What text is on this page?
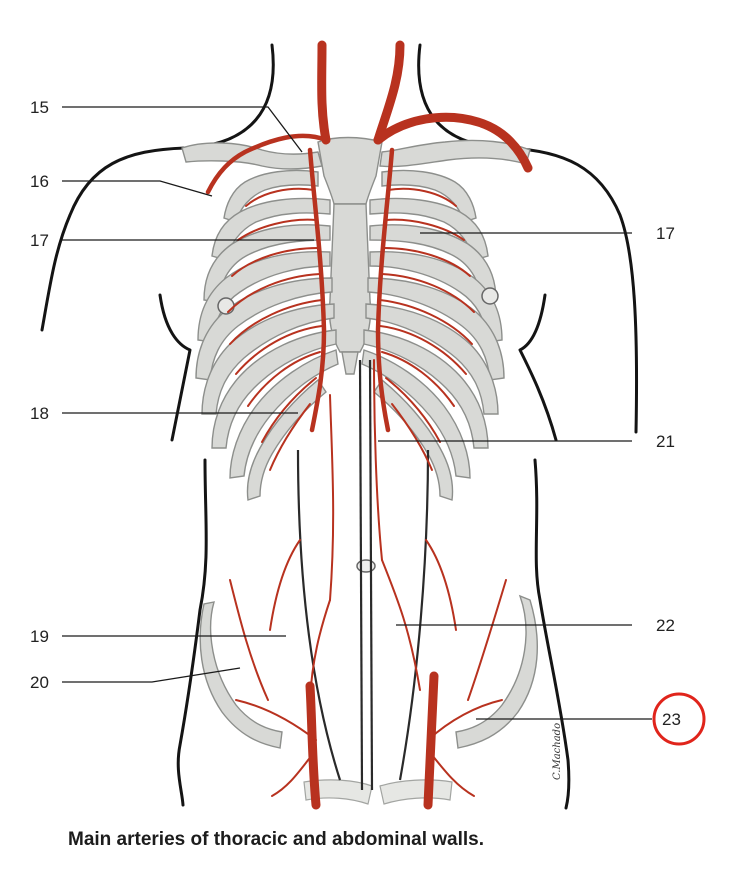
15
16
17	17
18
21
19
20
22
23
C.Machado

Main arteries of thoracic and abdominal walls.
